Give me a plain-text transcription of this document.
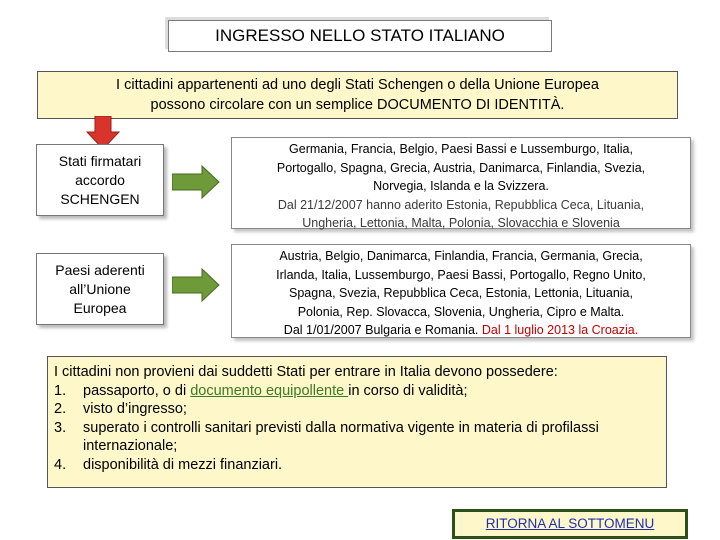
INGRESSO NELLO STATO ITALIANO
I cittadini appartenenti ad uno degli Stati Schengen o della Unione Europea
possono circolare con un semplice DOCUMENTO DI IDENTITÀ.
Stati firmatari
accordo
SCHENGEN
Germania, Francia, Belgio, Paesi Bassi e Lussemburgo, Italia,
Portogallo, Spagna, Grecia, Austria, Danimarca, Finlandia, Svezia,
Norvegia, Islanda e la Svizzera.
Dal 21/12/2007 hanno aderito Estonia, Repubblica Ceca, Lituania,
Ungheria, Lettonia, Malta, Polonia, Slovacchia e Slovenia
Paesi aderenti
all’Unione
Europea
Austria, Belgio, Danimarca, Finlandia, Francia, Germania, Grecia,
Irlanda, Italia, Lussemburgo, Paesi Bassi, Portogallo, Regno Unito,
Spagna, Svezia, Repubblica Ceca, Estonia, Lettonia, Lituania,
Polonia, Rep. Slovacca, Slovenia, Ungheria, Cipro e Malta.
Dal 1/01/2007 Bulgaria e Romania. Dal 1 luglio 2013 la Croazia.
I cittadini non provieni dai suddetti Stati per entrare in Italia devono possedere:
1. passaporto, o di documento equipollente in corso di validità;
2. visto d’ingresso;
3. superato i controlli sanitari previsti dalla normativa vigente in materia di profilassi internazionale;
4. disponibilità di mezzi finanziari.
RITORNA AL SOTTOMENU
